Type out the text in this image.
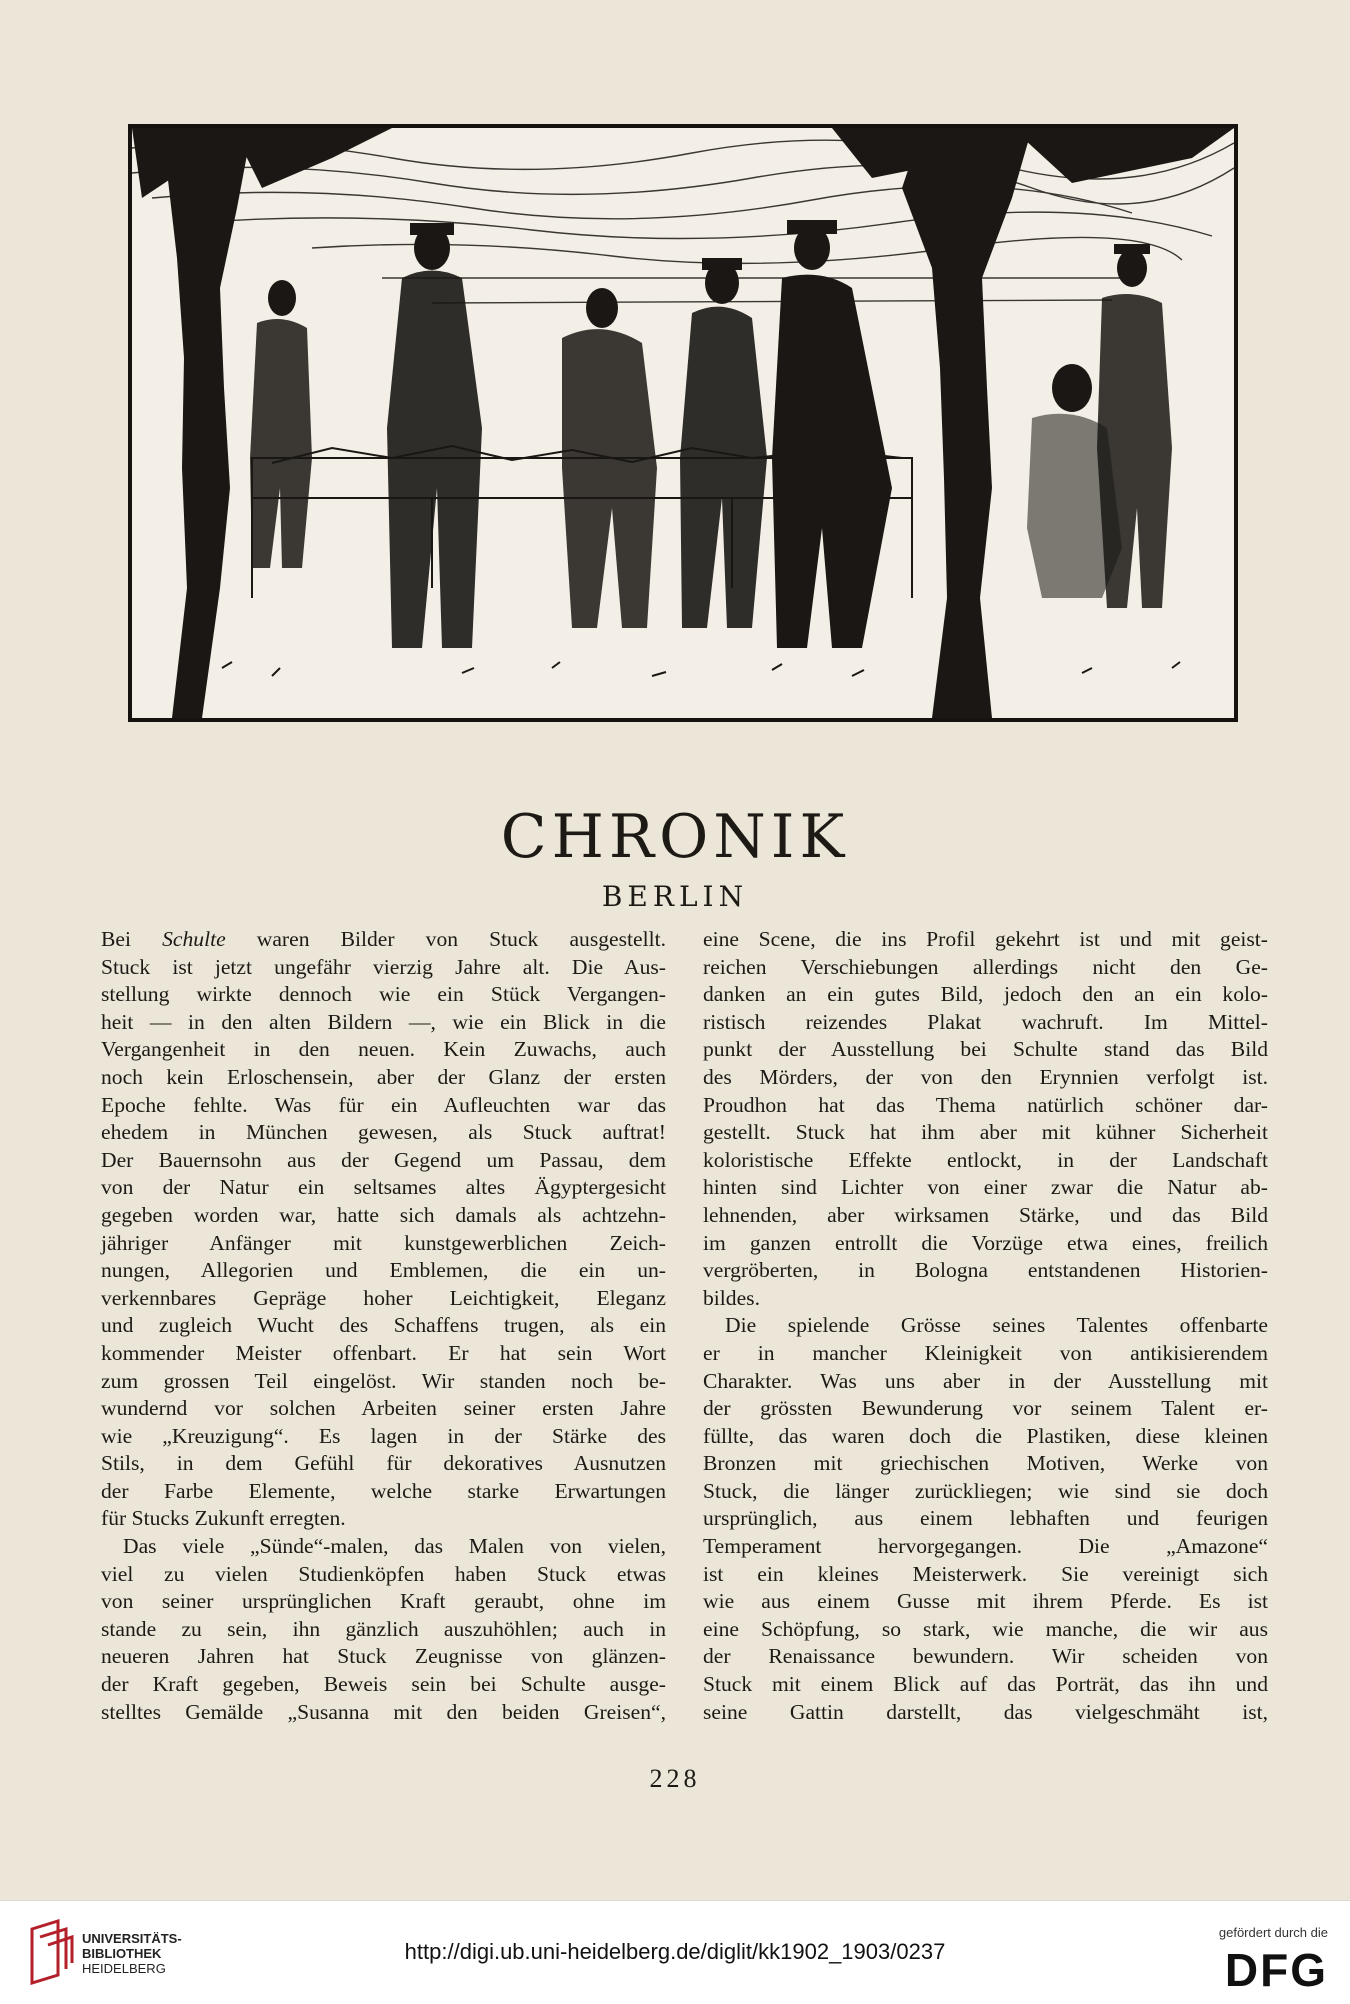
CHRONIK
BERLIN
Bei Schulte waren Bilder von Stuck ausgestellt.
Stuck ist jetzt ungefähr vierzig Jahre alt. Die Aus-
stellung wirkte dennoch wie ein Stück Vergangen-
heit — in den alten Bildern —, wie ein Blick in die
Vergangenheit in den neuen. Kein Zuwachs, auch
noch kein Erloschensein, aber der Glanz der ersten
Epoche fehlte. Was für ein Aufleuchten war das
ehedem in München gewesen, als Stuck auftrat!
Der Bauernsohn aus der Gegend um Passau, dem
von der Natur ein seltsames altes Ägyptergesicht
gegeben worden war, hatte sich damals als achtzehn-
jähriger Anfänger mit kunstgewerblichen Zeich-
nungen, Allegorien und Emblemen, die ein un-
verkennbares Gepräge hoher Leichtigkeit, Eleganz
und zugleich Wucht des Schaffens trugen, als ein
kommender Meister offenbart. Er hat sein Wort
zum grossen Teil eingelöst. Wir standen noch be-
wundernd vor solchen Arbeiten seiner ersten Jahre
wie „Kreuzigung“. Es lagen in der Stärke des
Stils, in dem Gefühl für dekoratives Ausnutzen
der Farbe Elemente, welche starke Erwartungen
für Stucks Zukunft erregten.
Das viele „Sünde“-malen, das Malen von vielen,
viel zu vielen Studienköpfen haben Stuck etwas
von seiner ursprünglichen Kraft geraubt, ohne im
stande zu sein, ihn gänzlich auszuhöhlen; auch in
neueren Jahren hat Stuck Zeugnisse von glänzen-
der Kraft gegeben, Beweis sein bei Schulte ausge-
stelltes Gemälde „Susanna mit den beiden Greisen“,
eine Scene, die ins Profil gekehrt ist und mit geist-
reichen Verschiebungen allerdings nicht den Ge-
danken an ein gutes Bild, jedoch den an ein kolo-
ristisch reizendes Plakat wachruft. Im Mittel-
punkt der Ausstellung bei Schulte stand das Bild
des Mörders, der von den Erynnien verfolgt ist.
Proudhon hat das Thema natürlich schöner dar-
gestellt. Stuck hat ihm aber mit kühner Sicherheit
koloristische Effekte entlockt, in der Landschaft
hinten sind Lichter von einer zwar die Natur ab-
lehnenden, aber wirksamen Stärke, und das Bild
im ganzen entrollt die Vorzüge etwa eines, freilich
vergröberten, in Bologna entstandenen Historien-
bildes.
Die spielende Grösse seines Talentes offenbarte
er in mancher Kleinigkeit von antikisierendem
Charakter. Was uns aber in der Ausstellung mit
der grössten Bewunderung vor seinem Talent er-
füllte, das waren doch die Plastiken, diese kleinen
Bronzen mit griechischen Motiven, Werke von
Stuck, die länger zurückliegen; wie sind sie doch
ursprünglich, aus einem lebhaften und feurigen
Temperament hervorgegangen. Die „Amazone“
ist ein kleines Meisterwerk. Sie vereinigt sich
wie aus einem Gusse mit ihrem Pferde. Es ist
eine Schöpfung, so stark, wie manche, die wir aus
der Renaissance bewundern. Wir scheiden von
Stuck mit einem Blick auf das Porträt, das ihn und
seine Gattin darstellt, das vielgeschmäht ist,
228
UNIVERSITÄTS-
BIBLIOTHEK
HEIDELBERG
http://digi.ub.uni-heidelberg.de/diglit/kk1902_1903/0237
gefördert durch die
DFG
